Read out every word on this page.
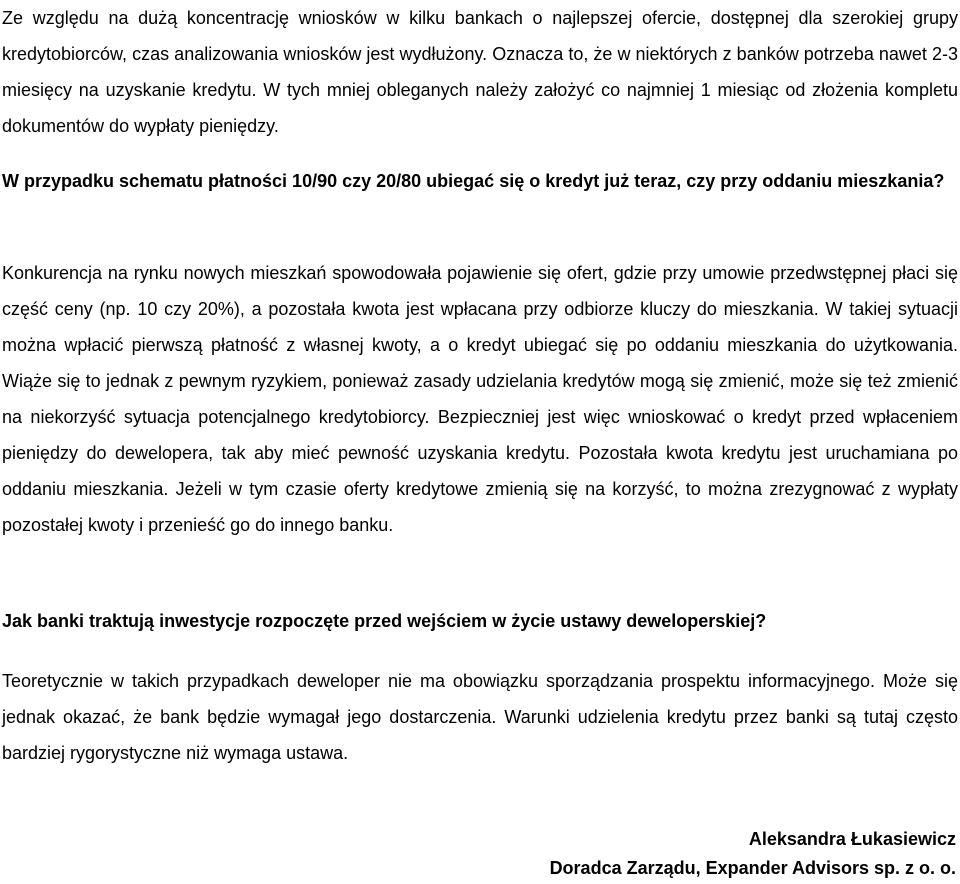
Ze względu na dużą koncentrację wniosków w kilku bankach o najlepszej ofercie, dostępnej dla szerokiej grupy kredytobiorców, czas analizowania wniosków jest wydłużony. Oznacza to, że w niektórych z banków potrzeba nawet 2-3 miesięcy na uzyskanie kredytu. W tych mniej obleganych należy założyć co najmniej 1 miesiąc od złożenia kompletu dokumentów do wypłaty pieniędzy.

W przypadku schematu płatności 10/90 czy 20/80 ubiegać się o kredyt już teraz, czy przy oddaniu mieszkania?

Konkurencja na rynku nowych mieszkań spowodowała pojawienie się ofert, gdzie przy umowie przedwstępnej płaci się część ceny (np. 10 czy 20%), a pozostała kwota jest wpłacana przy odbiorze kluczy do mieszkania. W takiej sytuacji można wpłacić pierwszą płatność z własnej kwoty, a o kredyt ubiegać się po oddaniu mieszkania do użytkowania. Wiąże się to jednak z pewnym ryzykiem, ponieważ zasady udzielania kredytów mogą się zmienić, może się też zmienić na niekorzyść sytuacja potencjalnego kredytobiorcy. Bezpieczniej jest więc wnioskować o kredyt przed wpłaceniem pieniędzy do dewelopera, tak aby mieć pewność uzyskania kredytu. Pozostała kwota kredytu jest uruchamiana po oddaniu mieszkania. Jeżeli w tym czasie oferty kredytowe zmienią się na korzyść, to można zrezygnować z wypłaty pozostałej kwoty i przenieść go do innego banku.

Jak banki traktują inwestycje rozpoczęte przed wejściem w życie ustawy deweloperskiej?

Teoretycznie w takich przypadkach deweloper nie ma obowiązku sporządzania prospektu informacyjnego. Może się jednak okazać, że bank będzie wymagał jego dostarczenia. Warunki udzielenia kredytu przez banki są tutaj często bardziej rygorystyczne niż wymaga ustawa.

Aleksandra Łukasiewicz
Doradca Zarządu, Expander Advisors sp. z o. o.
